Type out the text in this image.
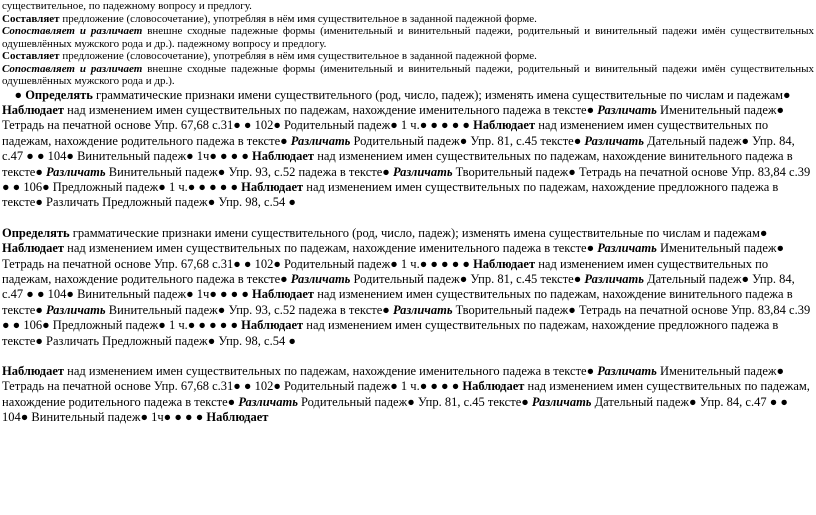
существительное, по падежному вопросу и предлогу.
Составляет предложение (словосочетание), употребляя в нём имя существительное в заданной падежной форме.
Сопоставляет и различает внешне сходные падежные формы (именительный и винительный падежи, родительный и винительный падежи имён существительных одушевлённых мужского рода и др.). падежному вопросу и предлогу.
Составляет предложение (словосочетание), употребляя в нём имя существительное в заданной падежной форме.
Сопоставляет и различает внешне сходные падежные формы (именительный и винительный падежи, родительный и винительный падежи имён существительных одушевлённых мужского рода и др.).
● Определять грамматические признаки имени существительного (род, число, падеж); изменять имена существительные по числам и падежам● Наблюдает над изменением имен существительных по падежам, нахождение именительного падежа в тексте● Различать Именительный падеж● Тетрадь на печатной основе Упр. 67,68 с.31● ● 102● Родительный падеж● 1 ч.● ● ● ● ● Наблюдает над изменением имен существительных по падежам, нахождение родительного падежа в тексте● Различать Родительный падеж● Упр. 81, с.45 тексте● Различать Дательный падеж● Упр. 84, с.47 ● ● 104● Винительный падеж● 1ч● ● ● ● Наблюдает над изменением имен существительных по падежам, нахождение винительного падежа в тексте● Различать Винительный падеж● Упр. 93, с.52 падежа в тексте● Различать Творительный падеж● Тетрадь на печатной основе Упр. 83,84 с.39 ● ● 106● Предложный падеж● 1 ч.● ● ● ● ● Наблюдает над изменением имен существительных по падежам, нахождение предложного падежа в тексте● Различать Предложный падеж● Упр. 98, с.54 ●
Определять грамматические признаки имени существительного (род, число, падеж); изменять имена существительные по числам и падежам● Наблюдает над изменением имен существительных по падежам, нахождение именительного падежа в тексте● Различать Именительный падеж● Тетрадь на печатной основе Упр. 67,68 с.31● ● 102● Родительный падеж● 1 ч.● ● ● ● ● Наблюдает над изменением имен существительных по падежам, нахождение родительного падежа в тексте● Различать Родительный падеж● Упр. 81, с.45 тексте● Различать Дательный падеж● Упр. 84, с.47 ● ● 104● Винительный падеж● 1ч● ● ● ● Наблюдает над изменением имен существительных по падежам, нахождение винительного падежа в тексте● Различать Винительный падеж● Упр. 93, с.52 падежа в тексте● Различать Творительный падеж● Тетрадь на печатной основе Упр. 83,84 с.39 ● ● 106● Предложный падеж● 1 ч.● ● ● ● ● Наблюдает над изменением имен существительных по падежам, нахождение предложного падежа в тексте● Различать Предложный падеж● Упр. 98, с.54 ●
Наблюдает над изменением имен существительных по падежам, нахождение именительного падежа в тексте● Различать Именительный падеж● Тетрадь на печатной основе Упр. 67,68 с.31● ● 102● Родительный падеж● 1 ч.● ● ● ● Наблюдает над изменением имен существительных по падежам, нахождение родительного падежа в тексте● Различать Родительный падеж● Упр. 81, с.45 тексте● Различать Дательный падеж● Упр. 84, с.47 ● ● 104● Винительный падеж● 1ч● ● ● ● Наблюдает
